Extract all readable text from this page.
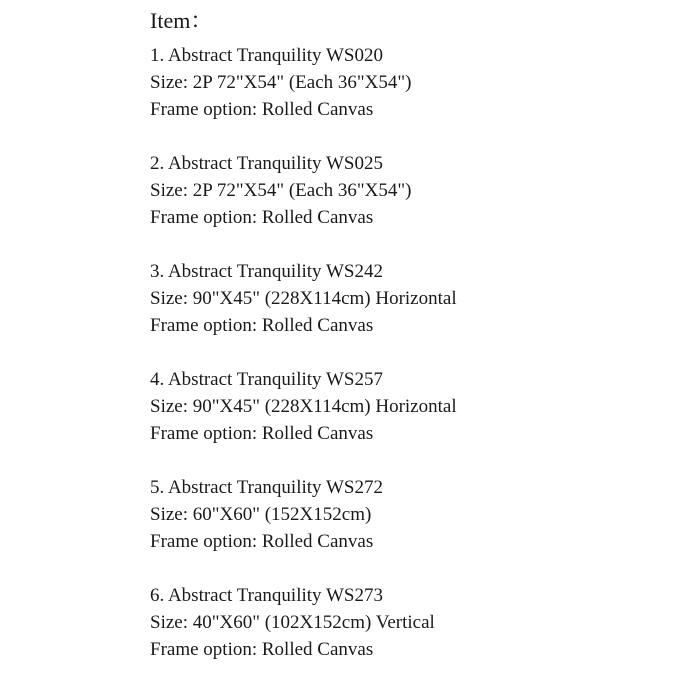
Item：
1. Abstract Tranquility WS020
Size: 2P 72"X54" (Each 36"X54")
Frame option: Rolled Canvas
2. Abstract Tranquility WS025
Size: 2P 72"X54" (Each 36"X54")
Frame option: Rolled Canvas
3. Abstract Tranquility WS242
Size: 90"X45" (228X114cm) Horizontal
Frame option: Rolled Canvas
4. Abstract Tranquility WS257
Size: 90"X45" (228X114cm) Horizontal
Frame option: Rolled Canvas
5. Abstract Tranquility WS272
Size: 60"X60" (152X152cm)
Frame option: Rolled Canvas
6. Abstract Tranquility WS273
Size: 40"X60" (102X152cm) Vertical
Frame option: Rolled Canvas
